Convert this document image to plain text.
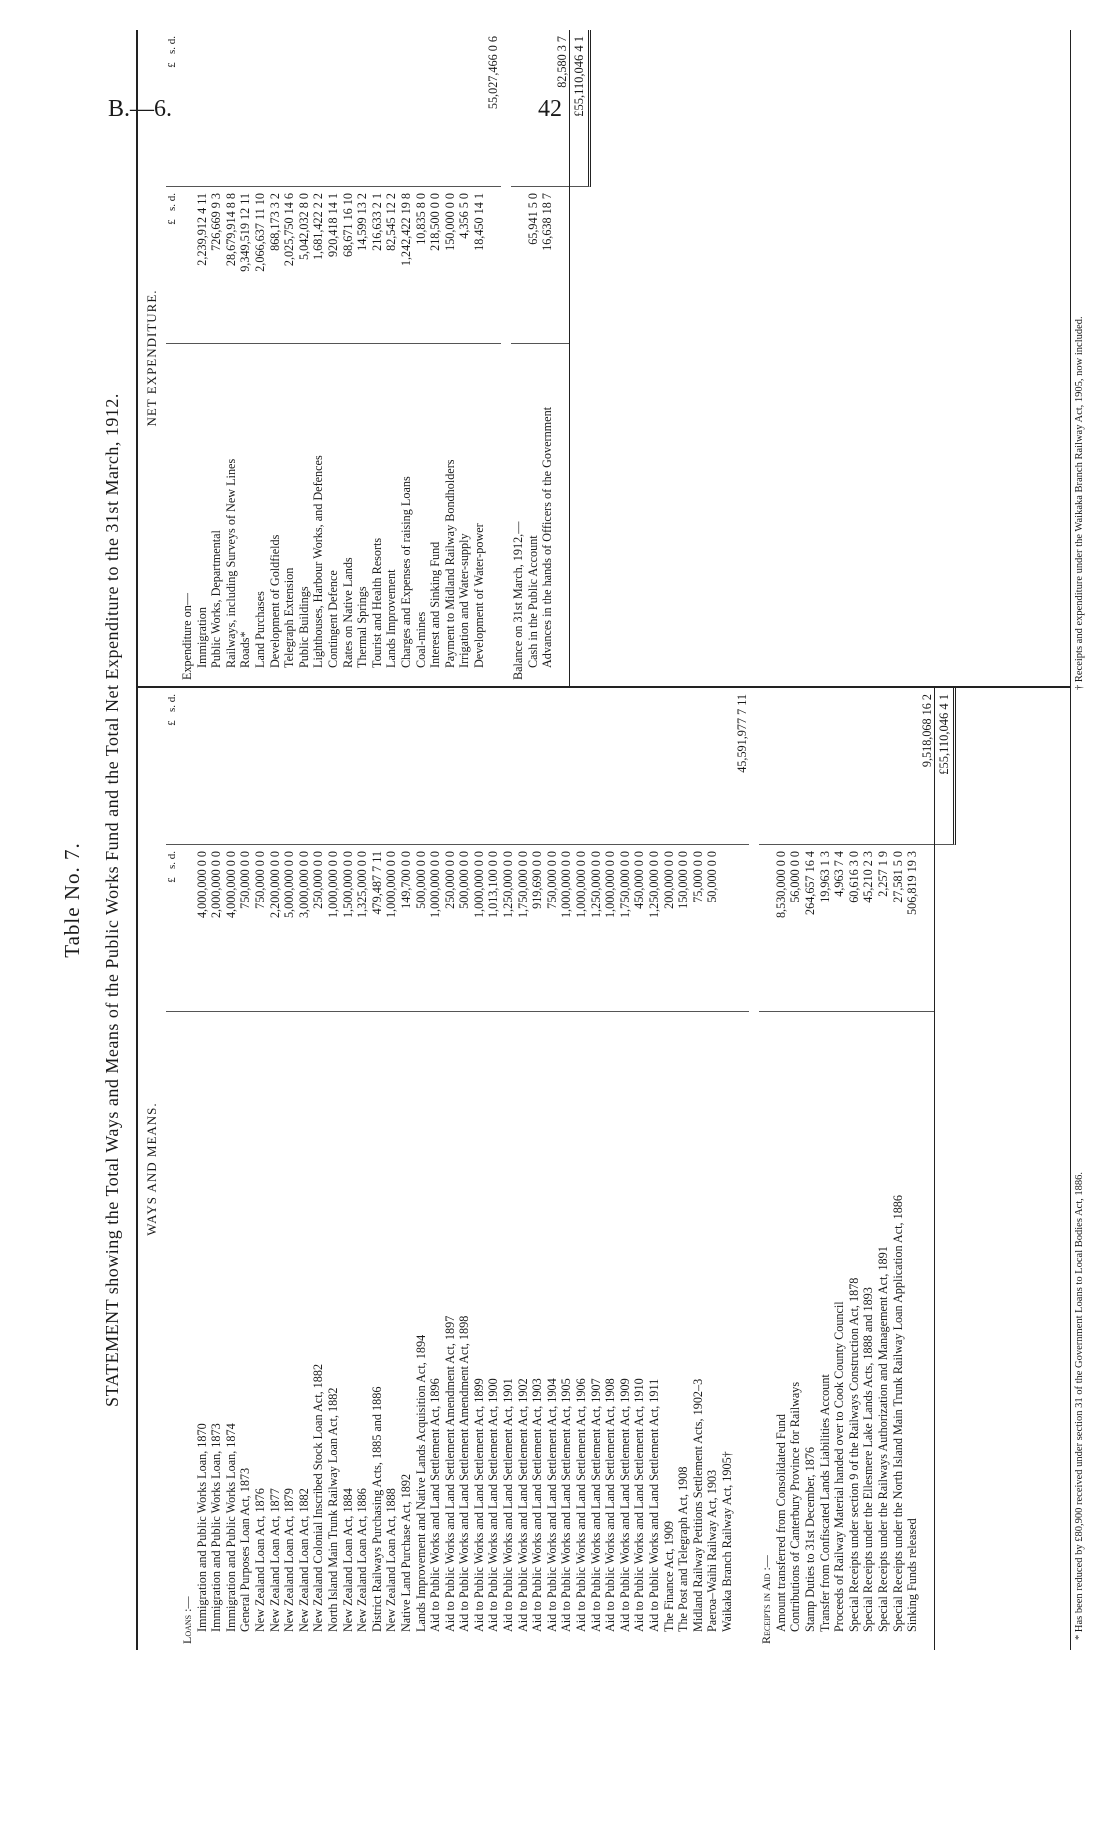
B.—6.	42
Table No. 7. STATEMENT showing the Total Ways and Means of the Public Works Fund and the Total Net Expenditure to the 31st March, 1912.	WAYS AND MEANS.
£   s. d.
£   s. d.
Loans :— Immigration and Public Works Loan, 1870
4,000,000 0 0
Immigration and Public Works Loan, 1873
2,000,000 0 0
Immigration and Public Works Loan, 1874
4,000,000 0 0
General Purposes Loan Act, 1873
750,000 0 0
New Zealand Loan Act, 1876
750,000 0 0
New Zealand Loan Act, 1877
2,200,000 0 0
New Zealand Loan Act, 1879
5,000,000 0 0
New Zealand Loan Act, 1882
3,000,000 0 0
New Zealand Colonial Inscribed Stock Loan Act, 1882
250,000 0 0
North Island Main Trunk Railway Loan Act, 1882
1,000,000 0 0
New Zealand Loan Act, 1884
1,500,000 0 0
New Zealand Loan Act, 1886
1,325,000 0 0
District Railways Purchasing Acts, 1885 and 1886
479,487 7 11
New Zealand Loan Act, 1888
1,000,000 0 0
Native Land Purchase Act, 1892
149,700 0 0
Lands Improvement and Native Lands Acquisition Act, 1894
500,000 0 0
Aid to Public Works and Land Settlement Act, 1896
1,000,000 0 0
Aid to Public Works and Land Settlement Amendment Act, 1897
250,000 0 0
Aid to Public Works and Land Settlement Amendment Act, 1898
500,000 0 0
Aid to Public Works and Land Settlement Act, 1899
1,000,000 0 0
Aid to Public Works and Land Settlement Act, 1900
1,013,100 0 0
Aid to Public Works and Land Settlement Act, 1901
1,250,000 0 0
Aid to Public Works and Land Settlement Act, 1902
1,750,000 0 0
Aid to Public Works and Land Settlement Act, 1903
919,690 0 0
Aid to Public Works and Land Settlement Act, 1904
750,000 0 0
Aid to Public Works and Land Settlement Act, 1905
1,000,000 0 0
Aid to Public Works and Land Settlement Act, 1906
1,000,000 0 0
Aid to Public Works and Land Settlement Act, 1907
1,250,000 0 0
Aid to Public Works and Land Settlement Act, 1908
1,000,000 0 0
Aid to Public Works and Land Settlement Act, 1909
1,750,000 0 0
Aid to Public Works and Land Settlement Act, 1910
450,000 0 0
Aid to Public Works and Land Settlement Act, 1911
1,250,000 0 0
The Finance Act, 1909
200,000 0 0
The Post and Telegraph Act, 1908
150,000 0 0
Midland Railway Petitions Settlement Acts, 1902–3
75,000 0 0
Paeroa–Waihi Railway Act, 1903
50,000 0 0
Waikaka Branch Railway Act, 1905†
45,591,977 7 11
Receipts in Aid :— Amount transferred from Consolidated Fund
8,530,000 0 0
Contributions of Canterbury Province for Railways
56,000 0 0
Stamp Duties to 31st December, 1876
264,657 16 4
Transfer from Confiscated Lands Liabilities Account
19,963 1 3
Proceeds of Railway Material handed over to Cook County Council
4,963 7 4
Special Receipts under section 9 of the Railways Construction Act, 1878
60,616 3 0
Special Receipts under the Ellesmere Lake Lands Acts, 1888 and 1893
45,210 2 3
Special Receipts under the Railways Authorization and Management Act, 1891
2,257 1 9
Special Receipts under the North Island Main Trunk Railway Loan Application Act, 1886
27,581 5 0
Sinking Funds released
506,819 19 3
9,518,068 16 2 £55,110,046 4 1
NET EXPENDITURE.
£   s. d.
£   s. d.
Expenditure on— Immigration
2,239,912 4 11
Public Works, Departmental
726,669 9 3
Railways, including Surveys of New Lines
28,679,914 8 8
Roads*
9,349,519 12 11
Land Purchases
2,066,637 11 10
Development of Goldfields
868,173 3 2
Telegraph Extension
2,025,750 14 6
Public Buildings
5,042,032 8 0
Lighthouses, Harbour Works, and Defences
1,681,422 2 2
Contingent Defence
920,418 14 1
Rates on Native Lands
68,671 16 10
Thermal Springs
14,599 13 2
Tourist and Health Resorts
216,633 2 1
Lands Improvement
82,545 12 2
Charges and Expenses of raising Loans
1,242,422 19 8
Coal-mines
10,835 8 0
Interest and Sinking Fund
218,500 0 0
Payment to Midland Railway Bondholders
150,000 0 0
Irrigation and Water-supply
4,356 5 0
Development of Water-power
18,450 14 1
55,027,466 0 6
Balance on 31st March, 1912,— Cash in the Public Account
65,941 5 0
Advances in the hands of Officers of the Government
16,638 18 7
82,580 3 7 £55,110,046 4 1
* Has been reduced by £80,900 received under section 31 of the Government Loans to Local Bodies Act, 1886.
† Receipts and expenditure under the Waikaka Branch Railway Act, 1905, now included.
